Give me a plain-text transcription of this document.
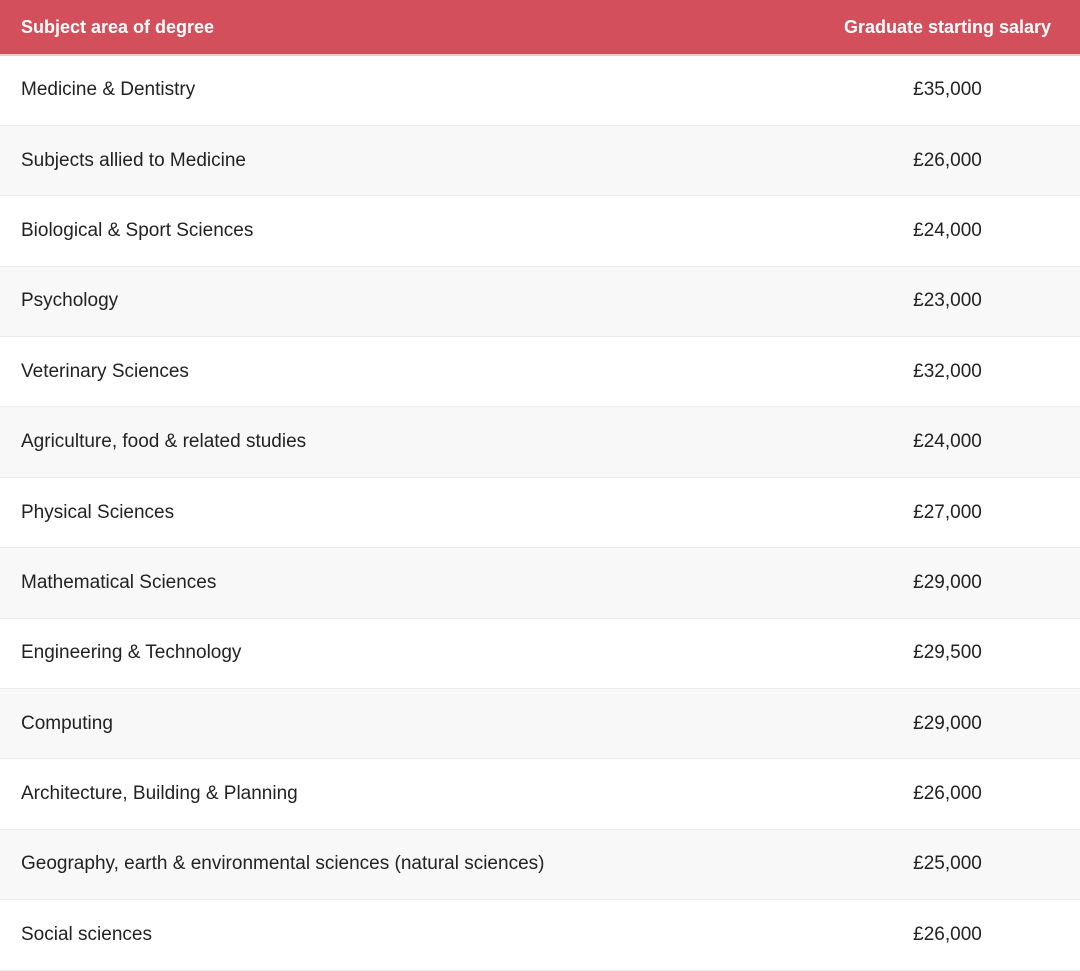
Subject area of degree	Graduate starting salary
Medicine & Dentistry	£35,000
Subjects allied to Medicine	£26,000
Biological & Sport Sciences	£24,000
Psychology	£23,000
Veterinary Sciences	£32,000
Agriculture, food & related studies	£24,000
Physical Sciences	£27,000
Mathematical Sciences	£29,000
Engineering & Technology	£29,500
Computing	£29,000
Architecture, Building & Planning	£26,000
Geography, earth & environmental sciences (natural sciences)	£25,000
Social sciences	£26,000
